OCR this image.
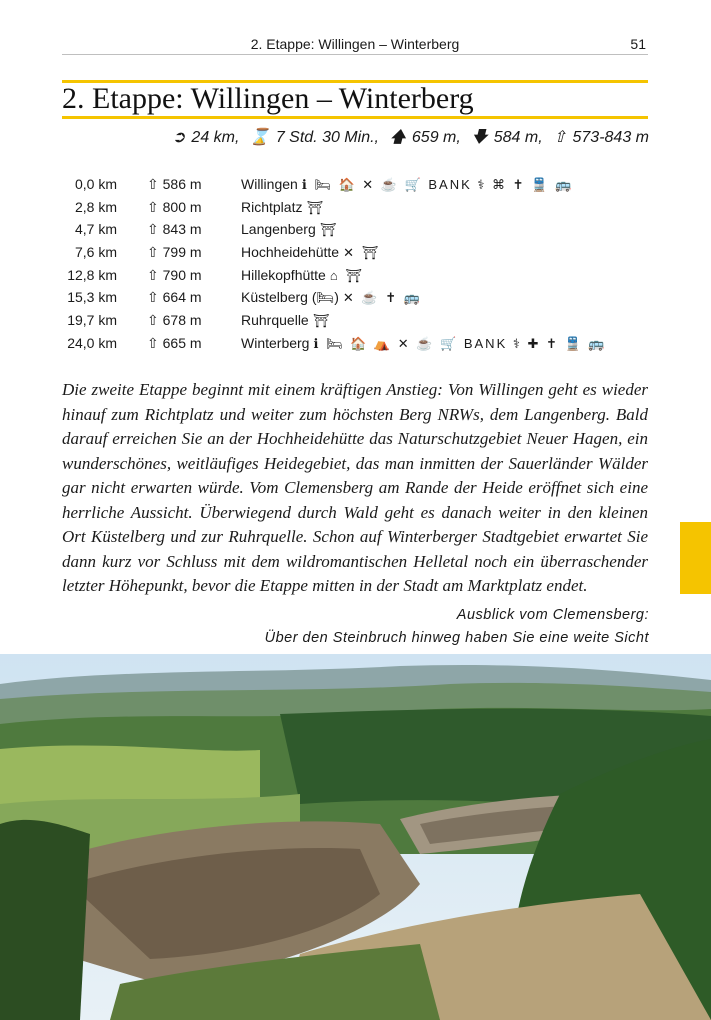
2. Etappe: Willingen – Winterberg	51
2. Etappe: Willingen – Winterberg
➲ 24 km, ⌛ 7 Std. 30 Min., 🡅 659 m, 🡇 584 m, ⇧ 573-843 m
0,0 km ⇧ 586 m	Willingen ℹ 🛏 🏠 ✕ ☕ 🛒 BANK ⚕ ⌘ ✝ 🚆 🚌
2,8 km ⇧ 800 m	Richtplatz ⛩
4,7 km ⇧ 843 m	Langenberg ⛩
7,6 km ⇧ 799 m	Hochheidehütte ✕ ⛩
12,8 km ⇧ 790 m	Hillekopfhütte ⌂ ⛩
15,3 km ⇧ 664 m	Küstelberg (🛏) ✕ ☕ ✝ 🚌
19,7 km ⇧ 678 m	Ruhrquelle ⛩
24,0 km ⇧ 665 m	Winterberg ℹ 🛏 🏠 ⛺ ✕ ☕ 🛒 BANK ⚕ ✚ ✝ 🚆 🚌

Die zweite Etappe beginnt mit einem kräftigen Anstieg: Von Willingen geht es wieder hinauf zum Richtplatz und weiter zum höchsten Berg NRWs, dem Langenberg. Bald darauf erreichen Sie an der Hochheidehütte das Naturschutzgebiet Neuer Hagen, ein wunderschönes, weitläufiges Heidegebiet, das man inmitten der Sauerländer Wälder gar nicht erwarten würde. Vom Clemensberg am Rande der Heide eröffnet sich eine herrliche Aussicht. Überwiegend durch Wald geht es danach weiter in den kleinen Ort Küstelberg und zur Ruhrquelle. Schon auf Winterberger Stadtgebiet erwartet Sie dann kurz vor Schluss mit dem wildromantischen Helletal noch ein überraschender letzter Höhepunkt, bevor die Etappe mitten in der Stadt am Marktplatz endet.

Ausblick vom Clemensberg:
Über den Steinbruch hinweg haben Sie eine weite Sicht
